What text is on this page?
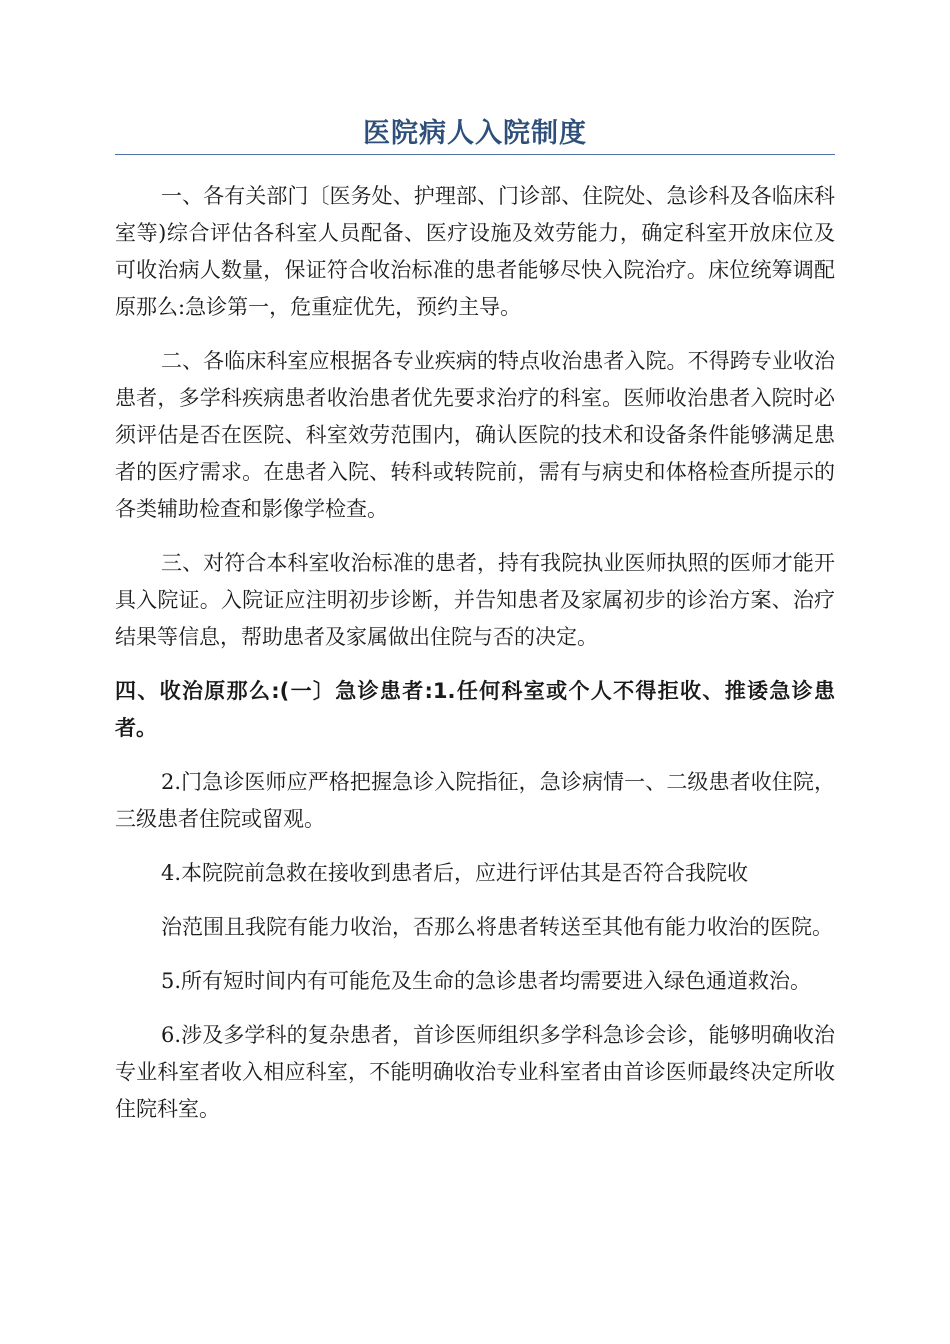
医院病人入院制度

一、各有关部门〔医务处、护理部、门诊部、住院处、急诊科及各临床科室等)综合评估各科室人员配备、医疗设施及效劳能力，确定科室开放床位及可收治病人数量，保证符合收治标准的患者能够尽快入院治疗。床位统筹调配原那么:急诊第一，危重症优先，预约主导。

二、各临床科室应根据各专业疾病的特点收治患者入院。不得跨专业收治患者，多学科疾病患者收治患者优先要求治疗的科室。医师收治患者入院时必须评估是否在医院、科室效劳范围内，确认医院的技术和设备条件能够满足患者的医疗需求。在患者入院、转科或转院前，需有与病史和体格检查所提示的各类辅助检查和影像学检查。

三、对符合本科室收治标准的患者，持有我院执业医师执照的医师才能开具入院证。入院证应注明初步诊断，并告知患者及家属初步的诊治方案、治疗结果等信息，帮助患者及家属做出住院与否的决定。

四、收治原那么:(一〕急诊患者:1.任何科室或个人不得拒收、推诿急诊患者。

2.门急诊医师应严格把握急诊入院指征，急诊病情一、二级患者收住院，三级患者住院或留观。

4.本院院前急救在接收到患者后，应进行评估其是否符合我院收

治范围且我院有能力收治，否那么将患者转送至其他有能力收治的医院。

5.所有短时间内有可能危及生命的急诊患者均需要进入绿色通道救治。

6.涉及多学科的复杂患者，首诊医师组织多学科急诊会诊，能够明确收治专业科室者收入相应科室，不能明确收治专业科室者由首诊医师最终决定所收住院科室。
